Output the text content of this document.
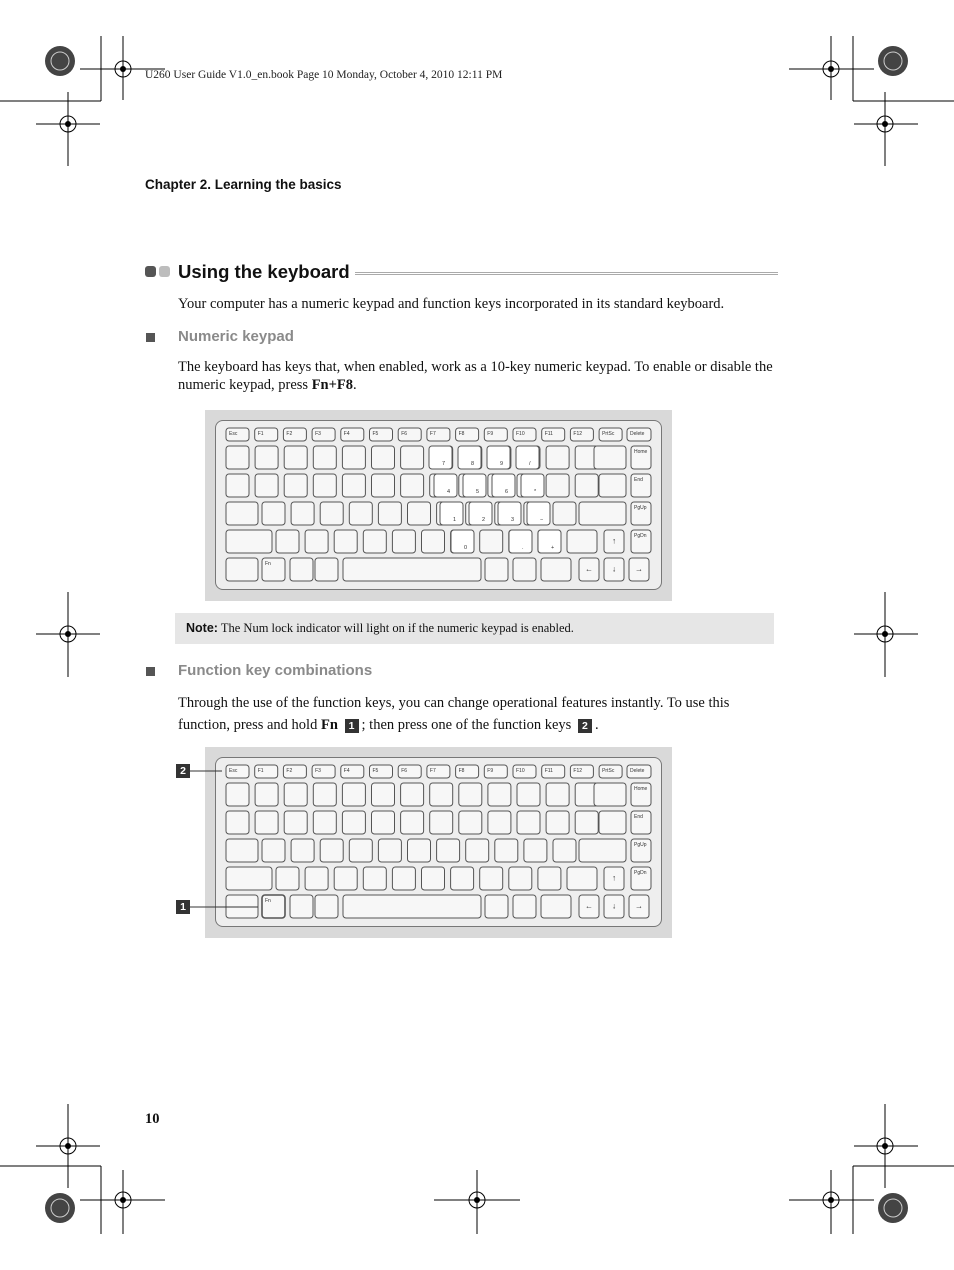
U260 User Guide V1.0_en.book Page 10 Monday, October 4, 2010 12:11 PM
Chapter 2. Learning the basics
Using the keyboard
Your computer has a numeric keypad and function keys incorporated in its standard keyboard.
Numeric keypad
The keyboard has keys that, when enabled, work as a 10-key numeric keypad. To enable or disable the numeric keypad, press Fn+F8.
Esc	F1	F2	F3	F4	F5	F6	F7	F8	F9	F10	F11	F12	PrtSc	Delete
Fn
← ↓
↑
→
Home
End
PgUp
PgDn
7	8	9	/
4	5	6	*
1	2	3	−
0	.	+
Note: The Num lock indicator will light on if the numeric keypad is enabled.
Function key combinations
Through the use of the function keys, you can change operational features instantly. To use this
function, press and hold Fn 1 ; then press one of the function keys 2 .
2
1
Esc	F1	F2	F3	F4	F5	F6	F7	F8	F9	F10	F11	F12	PrtSc	Delete
Fn
← ↓
↑
→
Home
End
PgUp
PgDn
10
